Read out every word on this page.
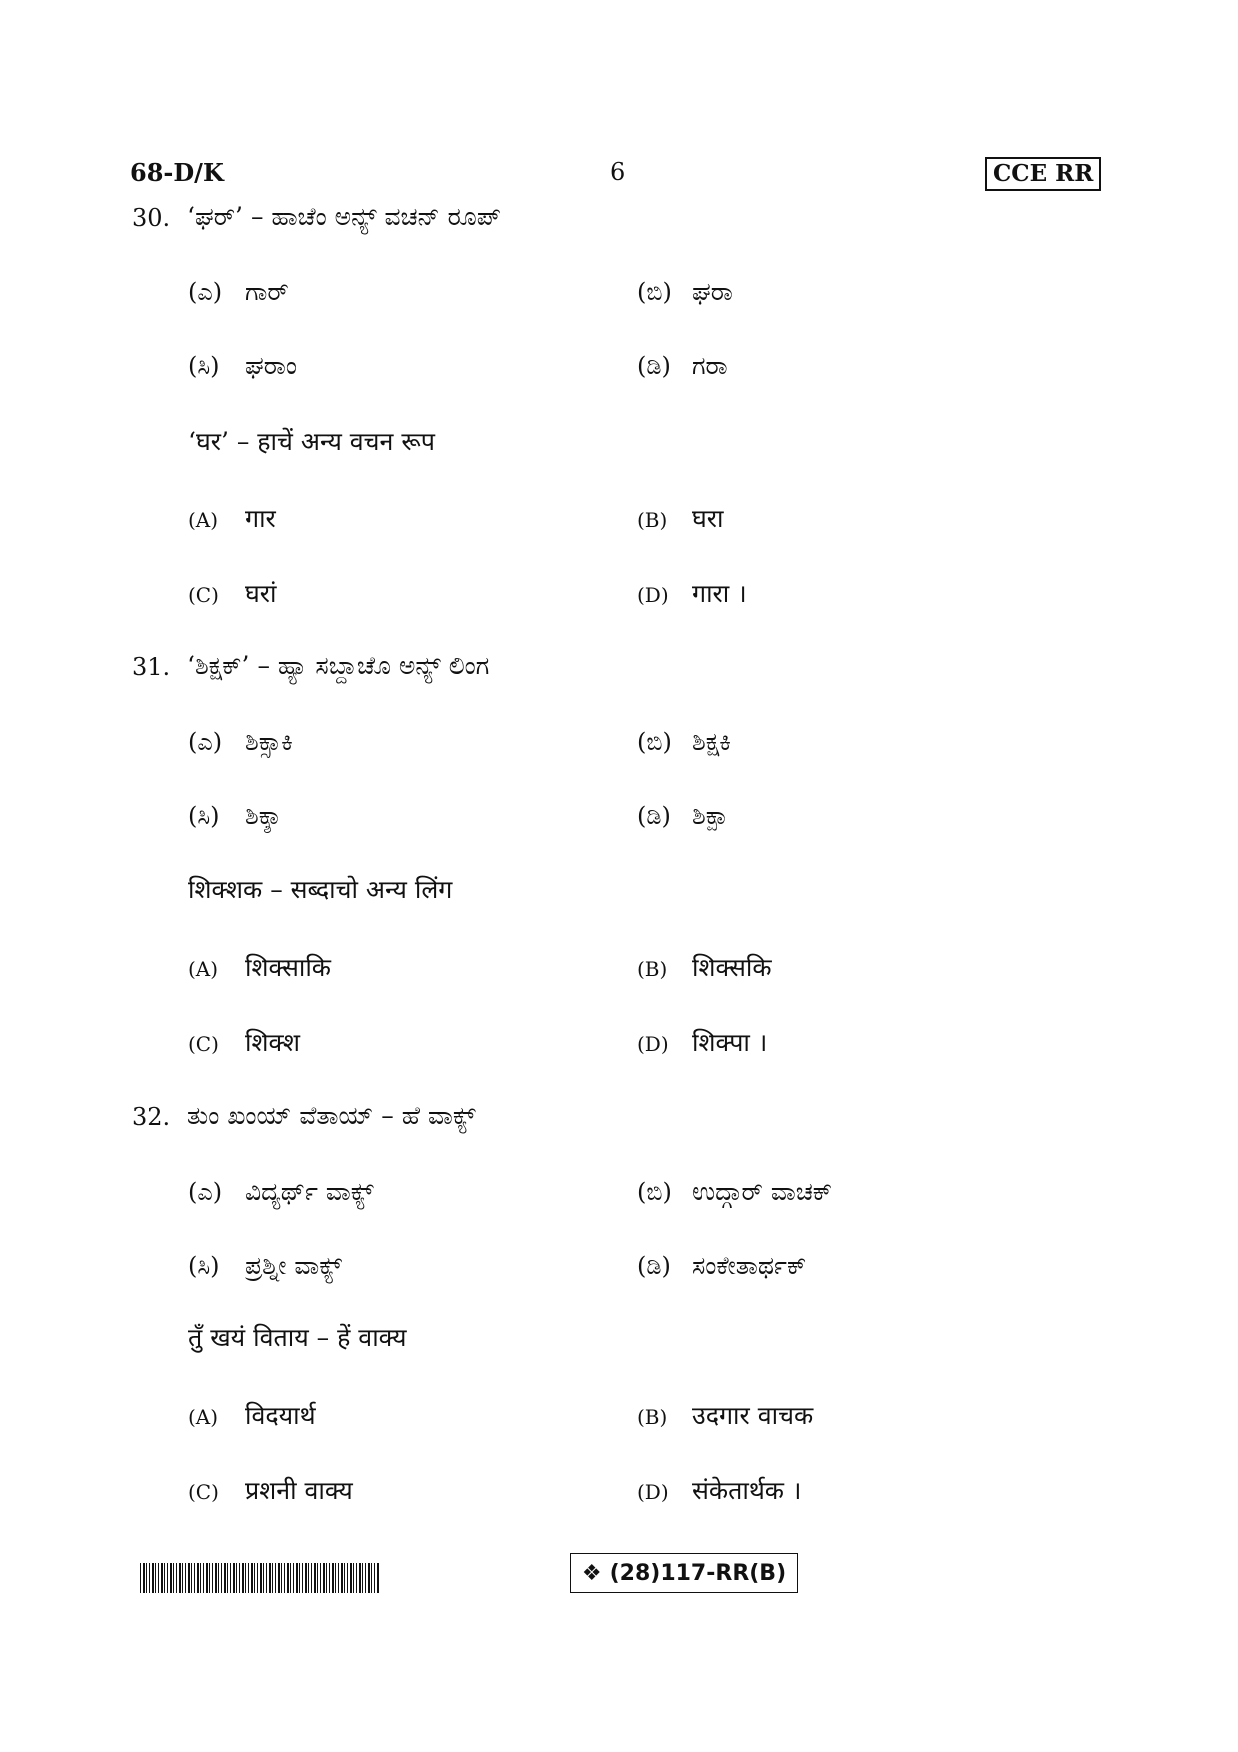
68-D/K	6	CCE RR
30. ‘ಘರ್’ – ಹಾಚೆಂ ಅನ್ಯ್ ವಚನ್ ರೂಪ್
(ಎ) ಗಾರ್	(ಬಿ) ಘರಾ
(ಸಿ) ಘರಾಂ	(ಡಿ) ಗರಾ
‘घर’ – हाचें अन्य वचन रूप
(A) गार	(B) घरा
(C) घरां	(D) गारा ।
31. ‘ಶಿಕ್ಷಕ್’ – ಹ್ಯಾ ಸಬ್ದಾಚೊ ಅನ್ಯ್ ಲಿಂಗ
(ಎ) ಶಿಕ್ಸಾಕಿ	(ಬಿ) ಶಿಕ್ಷಕಿ
(ಸಿ) ಶಿಕ್ಶಾ	(ಡಿ) ಶಿಕ್ಪಾ
शिक्शक – सब्दाचो अन्य लिंग
(A) शिक्साकि	(B) शिक्सकि
(C) शिक्श	(D) शिक्पा ।
32. ತುಂ ಖಂಯ್ ವೆತಾಯ್ – ಹೆ ವಾಕ್ಯ್
(ಎ) ವಿದ್ಯರ್ಥ್ ವಾಕ್ಯ್	(ಬಿ) ಉದ್ಗಾರ್ ವಾಚಕ್
(ಸಿ) ಪ್ರಶ್ನೀ ವಾಕ್ಯ್	(ಡಿ) ಸಂಕೇತಾರ್ಥಕ್
तुँ खयं विताय – हें वाक्य
(A) विदयार्थ	(B) उदगार वाचक
(C) प्रशनी वाक्य	(D) संकेतार्थक ।
❖ (28)117-RR(B)
